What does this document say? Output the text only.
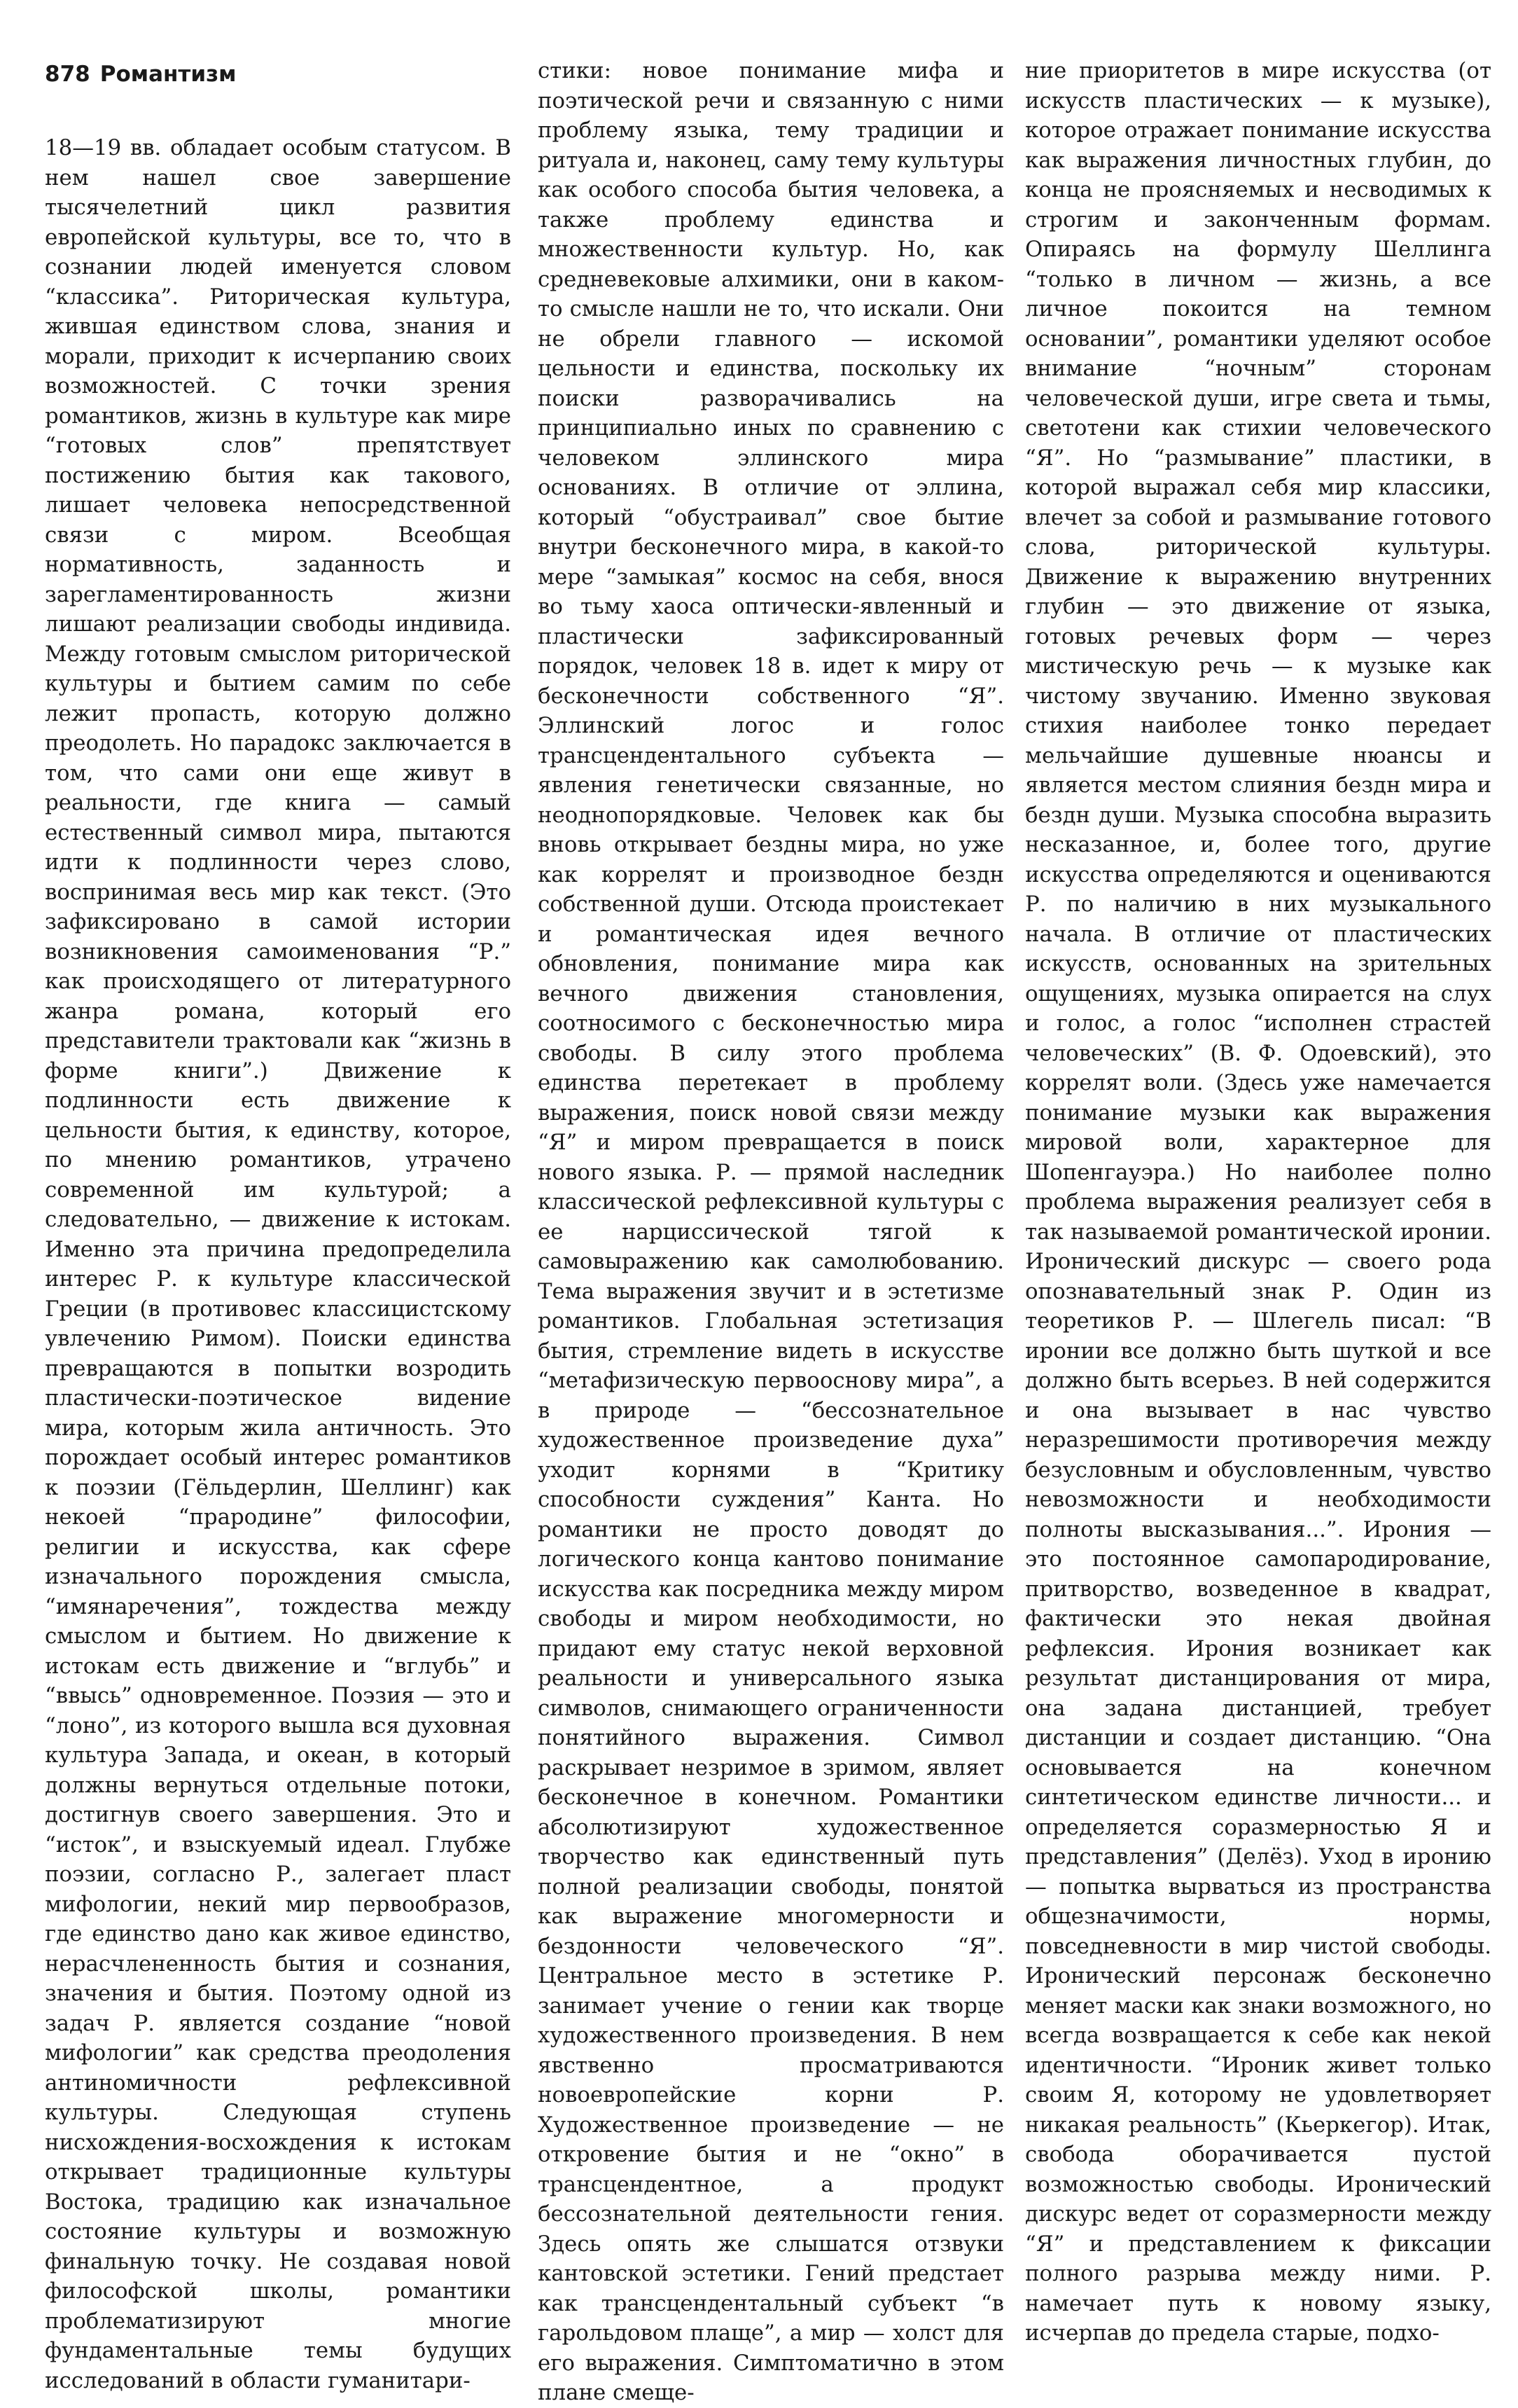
878 Романтизм

18—19 вв. обладает особым статусом. В нем нашел свое завершение тысячелетний цикл развития европейской культуры, все то, что в сознании людей именуется словом “классика”. Риторическая культура, жившая единством слова, знания и морали, приходит к исчерпанию своих возможностей. С точки зрения романтиков, жизнь в культуре как мире “готовых слов” препятствует постижению бытия как такового, лишает человека непосредственной связи с миром. Всеобщая нормативность, заданность и зарегламентированность жизни лишают реализации свободы индивида. Между готовым смыслом риторической культуры и бытием самим по себе лежит пропасть, которую должно преодолеть. Но парадокс заключается в том, что сами они еще живут в реальности, где книга — самый естественный символ мира, пытаются идти к подлинности через слово, воспринимая весь мир как текст. (Это зафиксировано в самой истории возникновения самоименования “Р.” как происходящего от литературного жанра романа, который его представители трактовали как “жизнь в форме книги”.) Движение к подлинности есть движение к цельности бытия, к единству, которое, по мнению романтиков, утрачено современной им культурой; а следовательно, — движение к истокам. Именно эта причина предопределила интерес Р. к культуре классической Греции (в противовес классицистскому увлечению Римом). Поиски единства превращаются в попытки возродить пластически-поэтическое видение мира, которым жила античность. Это порождает особый интерес романтиков к поэзии (Гёльдерлин, Шеллинг) как некоей “прародине” философии, религии и искусства, как сфере изначального порождения смысла, “имянаречения”, тождества между смыслом и бытием. Но движение к истокам есть движение и “вглубь” и “ввысь” одновременное. Поэзия — это и “лоно”, из которого вышла вся духовная культура Запада, и океан, в который должны вернуться отдельные потоки, достигнув своего завершения. Это и “исток”, и взыскуемый идеал. Глубже поэзии, согласно Р., залегает пласт мифологии, некий мир первообразов, где единство дано как живое единство, нерасчлененность бытия и сознания, значения и бытия. Поэтому одной из задач Р. является создание “новой мифологии” как средства преодоления антиномичности рефлексивной культуры. Следующая ступень нисхождения-восхождения к истокам открывает традиционные культуры Востока, традицию как изначальное состояние культуры и возможную финальную точку. Не создавая новой философской школы, романтики проблематизируют многие фундаментальные темы будущих исследований в области гуманитари-

стики: новое понимание мифа и поэтической речи и связанную с ними проблему языка, тему традиции и ритуала и, наконец, саму тему культуры как особого способа бытия человека, а также проблему единства и множественности культур. Но, как средневековые алхимики, они в каком-то смысле нашли не то, что искали. Они не обрели главного — искомой цельности и единства, поскольку их поиски разворачивались на принципиально иных по сравнению с человеком эллинского мира основаниях. В отличие от эллина, который “обустраивал” свое бытие внутри бесконечного мира, в какой-то мере “замыкая” космос на себя, внося во тьму хаоса оптически-явленный и пластически зафиксированный порядок, человек 18 в. идет к миру от бесконечности собственного “Я”. Эллинский логос и голос трансцендентального субъекта — явления генетически связанные, но неоднопорядковые. Человек как бы вновь открывает бездны мира, но уже как коррелят и производное бездн собственной души. Отсюда проистекает и романтическая идея вечного обновления, понимание мира как вечного движения становления, соотносимого с бесконечностью мира свободы. В силу этого проблема единства перетекает в проблему выражения, поиск новой связи между “Я” и миром превращается в поиск нового языка. Р. — прямой наследник классической рефлексивной культуры с ее нарциссической тягой к самовыражению как самолюбованию. Тема выражения звучит и в эстетизме романтиков. Глобальная эстетизация бытия, стремление видеть в искусстве “метафизическую первооснову мира”, а в природе — “бессознательное художественное произведение духа” уходит корнями в “Критику способности суждения” Канта. Но романтики не просто доводят до логического конца кантово понимание искусства как посредника между миром свободы и миром необходимости, но придают ему статус некой верховной реальности и универсального языка символов, снимающего ограниченности понятийного выражения. Символ раскрывает незримое в зримом, являет бесконечное в конечном. Романтики абсолютизируют художественное творчество как единственный путь полной реализации свободы, понятой как выражение многомерности и бездонности человеческого “Я”. Центральное место в эстетике Р. занимает учение о гении как творце художественного произведения. В нем явственно просматриваются новоевропейские корни Р. Художественное произведение — не откровение бытия и не “окно” в трансцендентное, а продукт бессознательной деятельности гения. Здесь опять же слышатся отзвуки кантовской эстетики. Гений предстает как трансцендентальный субъект “в гарольдовом плаще”, а мир — холст для его выражения. Симптоматично в этом плане смеще-

ние приоритетов в мире искусства (от искусств пластических — к музыке), которое отражает понимание искусства как выражения личностных глубин, до конца не проясняемых и несводимых к строгим и законченным формам. Опираясь на формулу Шеллинга “только в личном — жизнь, а все личное покоится на темном основании”, романтики уделяют особое внимание “ночным” сторонам человеческой души, игре света и тьмы, светотени как стихии человеческого “Я”. Но “размывание” пластики, в которой выражал себя мир классики, влечет за собой и размывание готового слова, риторической культуры. Движение к выражению внутренних глубин — это движение от языка, готовых речевых форм — через мистическую речь — к музыке как чистому звучанию. Именно звуковая стихия наиболее тонко передает мельчайшие душевные нюансы и является местом слияния бездн мира и бездн души. Музыка способна выразить несказанное, и, более того, другие искусства определяются и оцениваются Р. по наличию в них музыкального начала. В отличие от пластических искусств, основанных на зрительных ощущениях, музыка опирается на слух и голос, а голос “исполнен страстей человеческих” (В. Ф. Одоевский), это коррелят воли. (Здесь уже намечается понимание музыки как выражения мировой воли, характерное для Шопенгауэра.) Но наиболее полно проблема выражения реализует себя в так называемой романтической иронии. Иронический дискурс — своего рода опознавательный знак Р. Один из теоретиков Р. — Шлегель писал: “В иронии все должно быть шуткой и все должно быть всерьез. В ней содержится и она вызывает в нас чувство неразрешимости противоречия между безусловным и обусловленным, чувство невозможности и необходимости полноты высказывания...”. Ирония — это постоянное самопародирование, притворство, возведенное в квадрат, фактически это некая двойная рефлексия. Ирония возникает как результат дистанцирования от мира, она задана дистанцией, требует дистанции и создает дистанцию. “Она основывается на конечном синтетическом единстве личности... и определяется соразмерностью Я и представления” (Делёз). Уход в иронию — попытка вырваться из пространства общезначимости, нормы, повседневности в мир чистой свободы. Иронический персонаж бесконечно меняет маски как знаки возможного, но всегда возвращается к себе как некой идентичности. “Ироник живет только своим Я, которому не удовлетворяет никакая реальность” (Кьеркегор). Итак, свобода оборачивается пустой возможностью свободы. Иронический дискурс ведет от соразмерности между “Я” и представлением к фиксации полного разрыва между ними. Р. намечает путь к новому языку, исчерпав до предела старые, подхо-
